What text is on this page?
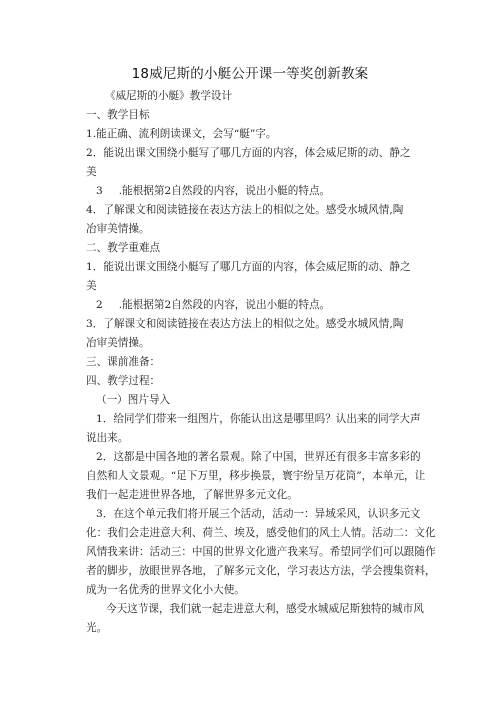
18威尼斯的小艇公开课一等奖创新教案
《威尼斯的小艇》教学设计
一、教学目标
1.能正确、流利朗读课文，会写“艇”字。
2．能说出课文围绕小艇写了哪几方面的内容，体会威尼斯的动、静之
美
3 .能根据第2自然段的内容，说出小艇的特点。
4．了解课文和阅读链接在表达方法上的相似之处。感受水城风情,陶
冶审美情操。
二、教学重难点
1．能说出课文围绕小艇写了哪几方面的内容，体会威尼斯的动、静之
美
2 .能根据第2自然段的内容，说出小艇的特点。
3．了解课文和阅读链接在表达方法上的相似之处。感受水城风情,陶
冶审美情操。
三、课前准备：
四、教学过程：
（一）图片导入
1．给同学们带来一组图片，你能认出这是哪里吗？认出来的同学大声
说出来。
2．这都是中国各地的著名景观。除了中国，世界还有很多丰富多彩的
自然和人文景观。“足下万里，移步换景，寰宇纷呈万花筒”，本单元，让
我们一起走进世界各地，了解世界多元文化。
3．在这个单元我们将开展三个活动，活动一：异域采风，认识多元文
化：我们会走进意大利、荷兰、埃及，感受他们的风土人情。活动二：文化
风情我来讲：活动三：中国的世界文化遗产我来写。希望同学们可以跟随作
者的脚步，放眼世界各地，了解多元文化，学习表达方法，学会搜集资料，
成为一名优秀的世界文化小大使。
今天这节课，我们就一起走进意大利，感受水城威尼斯独特的城市风
光。
